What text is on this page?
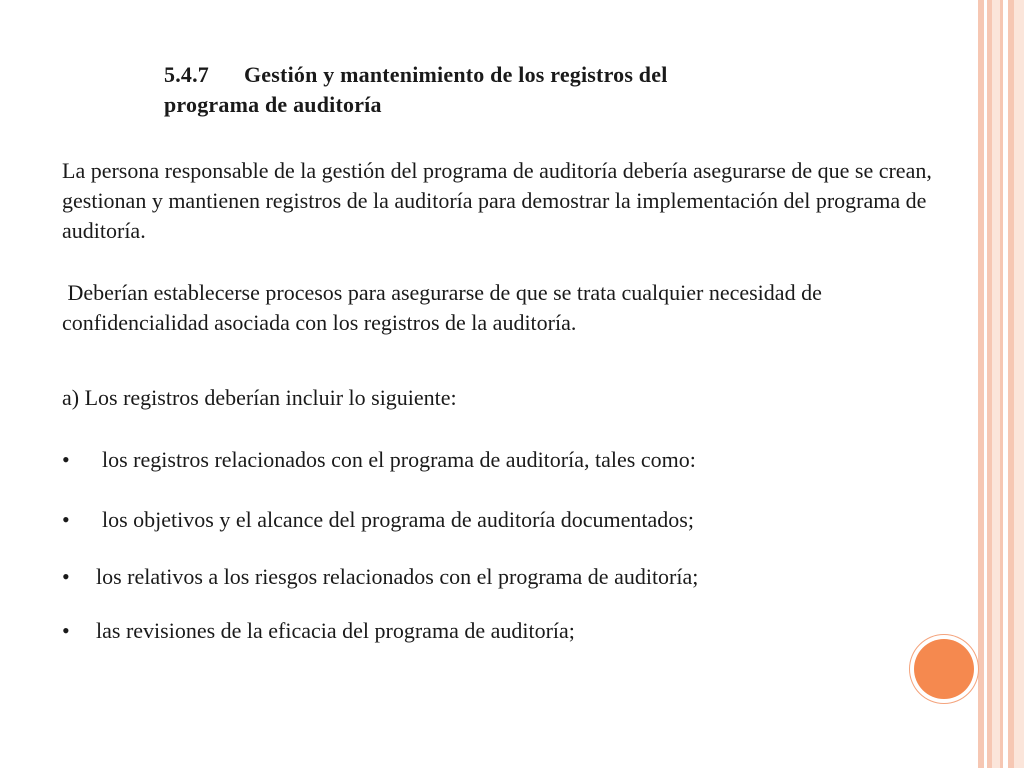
5.4.7 Gestión y mantenimiento de los registros del
programa de auditoría
La persona responsable de la gestión del programa de auditoría debería asegurarse de que se crean, gestionan y mantienen registros de la auditoría para demostrar la implementación del programa de auditoría.
Deberían establecerse procesos para asegurarse de que se trata cualquier necesidad de confidencialidad asociada con los registros de la auditoría.
a) Los registros deberían incluir lo siguiente:
• los registros relacionados con el programa de auditoría, tales como:
• los objetivos y el alcance del programa de auditoría documentados;
• los relativos a los riesgos relacionados con el programa de auditoría;
• las revisiones de la eficacia del programa de auditoría;
